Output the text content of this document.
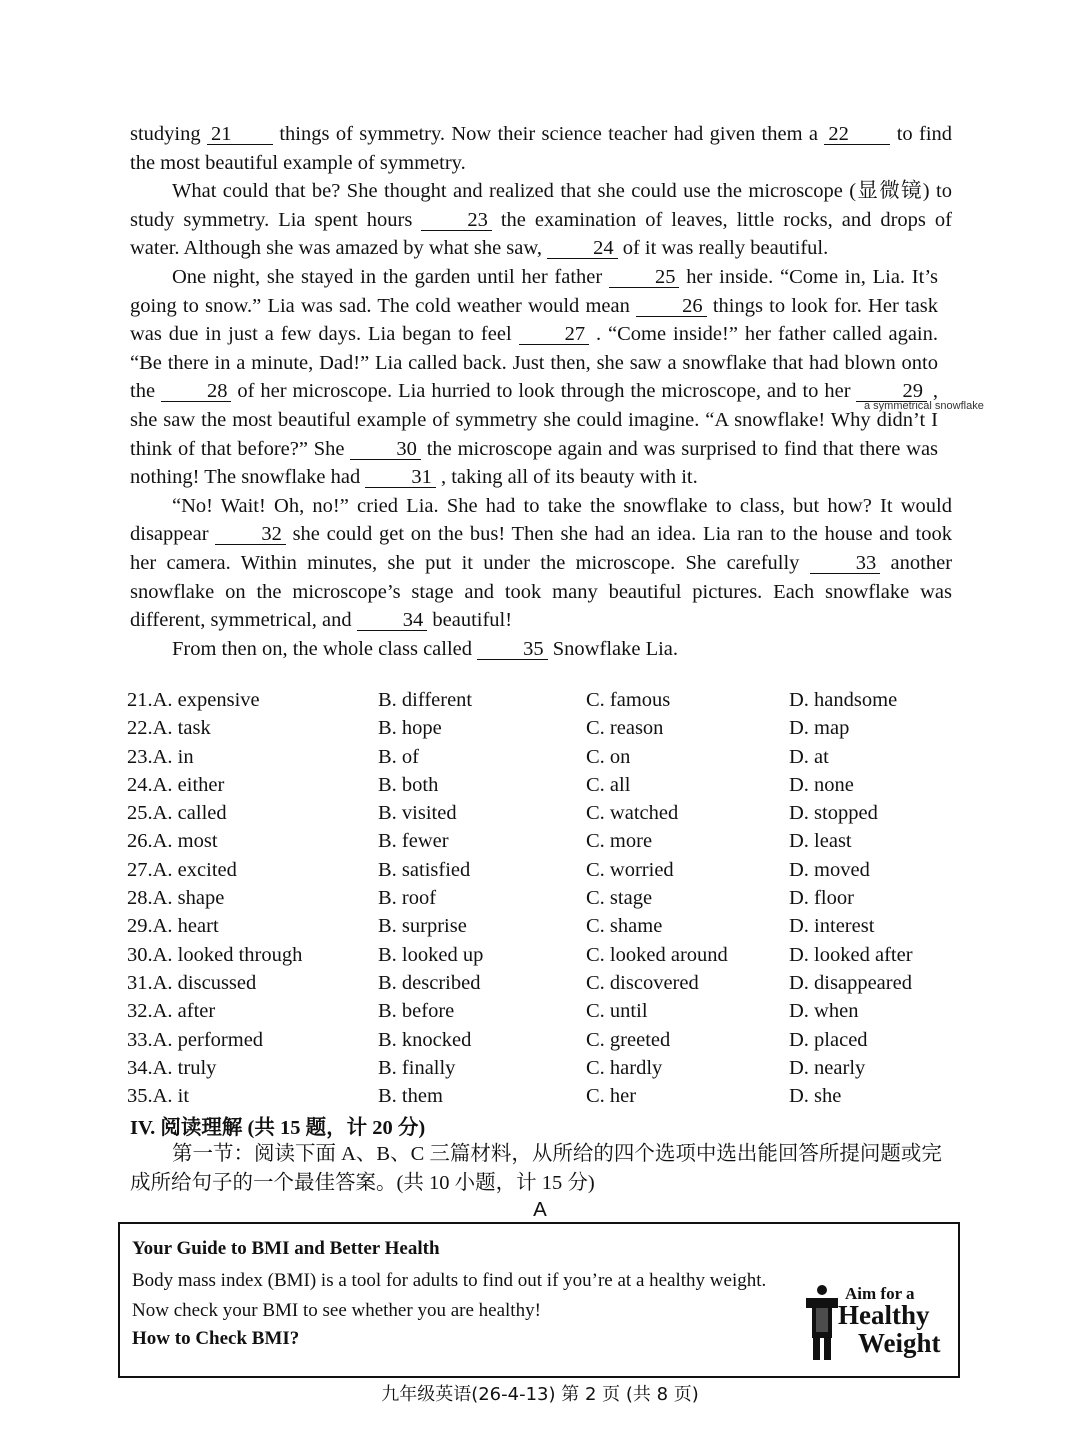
studying 21 things of symmetry. Now their science teacher had given them a 22 to find the most beautiful example of symmetry.

What could that be? She thought and realized that she could use the microscope (显微镜) to study symmetry. Lia spent hours	23 the examination of leaves, little rocks, and drops of water. Although she was amazed by what she saw, 24 of it was really beautiful.

One night, she stayed in the garden until her father	25 her inside. “Come in, Lia. It’s going to snow.” Lia was sad. The cold weather would mean	26 things to look for. Her task was due in just a few days. Lia began to feel	27 . “Come inside!” her father called again. “Be there in a minute, Dad!” Lia called back. Just then, she saw a snowflake that had blown onto the	28 of her microscope. Lia hurried to look through the microscope, and to her	29 , she saw the most beautiful example of symmetry she could imagine. “A snowflake! Why didn’t I think of that before?” She	30 the microscope again and was surprised to find that there was nothing! The snowflake had 31 , taking all of its beauty with it.

“No! Wait! Oh, no!” cried Lia. She had to take the snowflake to class, but how? It would disappear	32 she could get on the bus! Then she had an idea. Lia ran to the house and took her camera. Within minutes, she put it under the microscope. She carefully	33 another snowflake on the microscope’s stage and took many beautiful pictures. Each snowflake was different, symmetrical, and 34 beautiful!

From then on, the whole class called 35 Snowflake Lia.

a symmetrical snowflake
21.A. expensive	B. different	C. famous	D. handsome
22.A. task	B. hope	C. reason	D. map
23.A. in	B. of	C. on	D. at
24.A. either	B. both	C. all	D. none
25.A. called	B. visited	C. watched	D. stopped
26.A. most	B. fewer	C. more	D. least
27.A. excited	B. satisfied	C. worried	D. moved
28.A. shape	B. roof	C. stage	D. floor
29.A. heart	B. surprise	C. shame	D. interest
30.A. looked through	B. looked up	C. looked around	D. looked after
31.A. discussed	B. described	C. discovered	D. disappeared
32.A. after	B. before	C. until	D. when
33.A. performed	B. knocked	C. greeted	D. placed
34.A. truly	B. finally	C. hardly	D. nearly
35.A. it	B. them	C. her	D. she
IV. 阅读理解 (共 15 题，计 20 分)
第一节：阅读下面 A、B、C 三篇材料，从所给的四个选项中选出能回答所提问题或完成所给句子的一个最佳答案。(共 10 小题，计 15 分)
A
Your Guide to BMI and Better Health
Body mass index (BMI) is a tool for adults to find out if you’re at a healthy weight. Now check your BMI to see whether you are healthy!
How to Check BMI?
Aim for a
Healthy
Weight
九年级英语(26-4-13) 第 2 页 (共 8 页)
